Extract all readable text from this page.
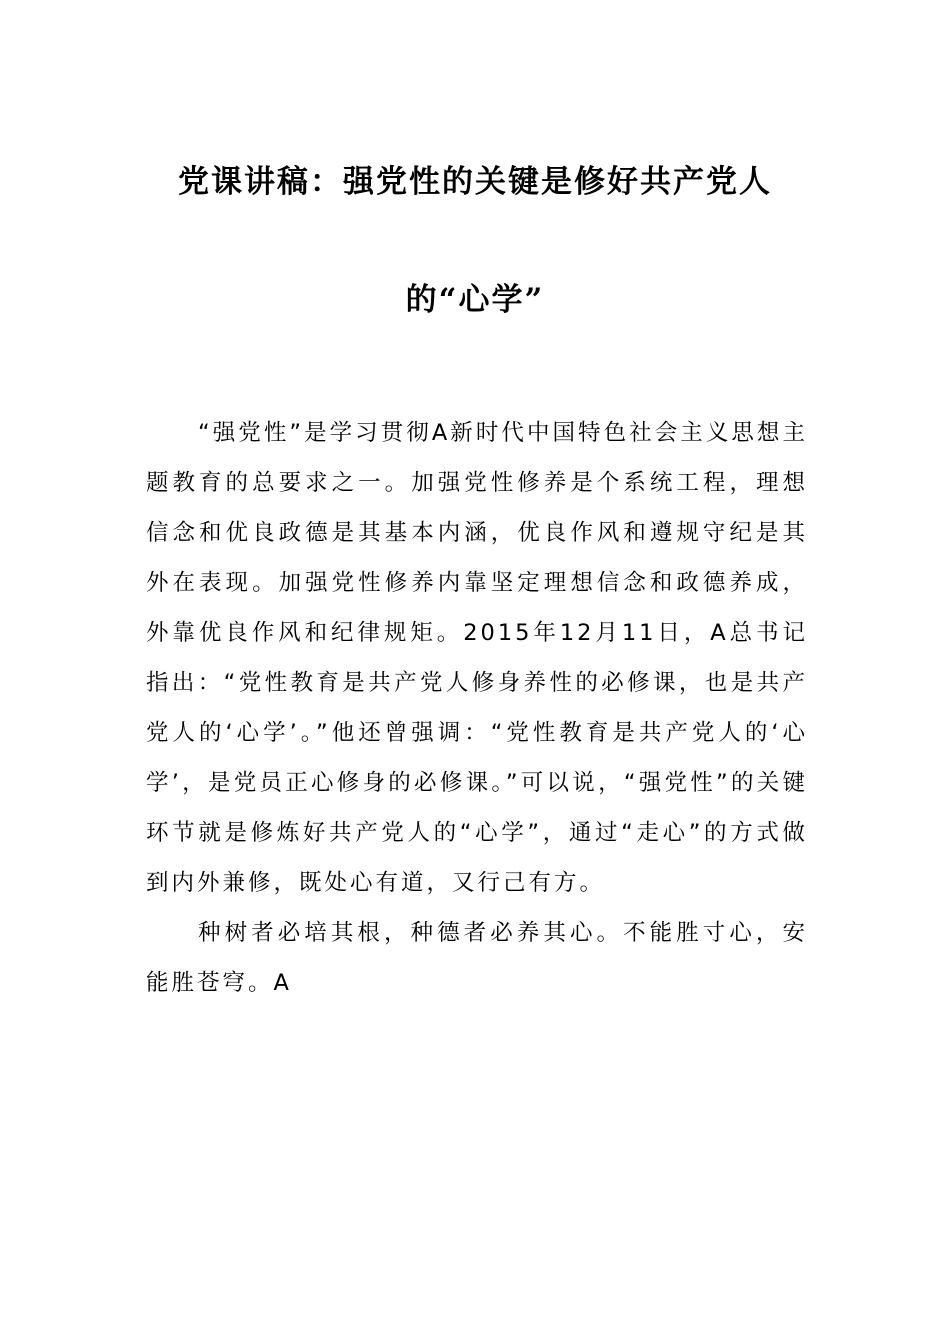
党课讲稿：强党性的关键是修好共产党人
的“心学”

“强党性”是学习贯彻A新时代中国特色社会主义思想主题教育的总要求之一。加强党性修养是个系统工程，理想信念和优良政德是其基本内涵，优良作风和遵规守纪是其外在表现。加强党性修养内靠坚定理想信念和政德养成，外靠优良作风和纪律规矩。2015年12月11日，A总书记指出：“党性教育是共产党人修身养性的必修课，也是共产党人的‘心学’。”他还曾强调：“党性教育是共产党人的‘心学’，是党员正心修身的必修课。”可以说，“强党性”的关键环节就是修炼好共产党人的“心学”，通过“走心”的方式做到内外兼修，既处心有道，又行己有方。

种树者必培其根，种德者必养其心。不能胜寸心，安能胜苍穹。A
